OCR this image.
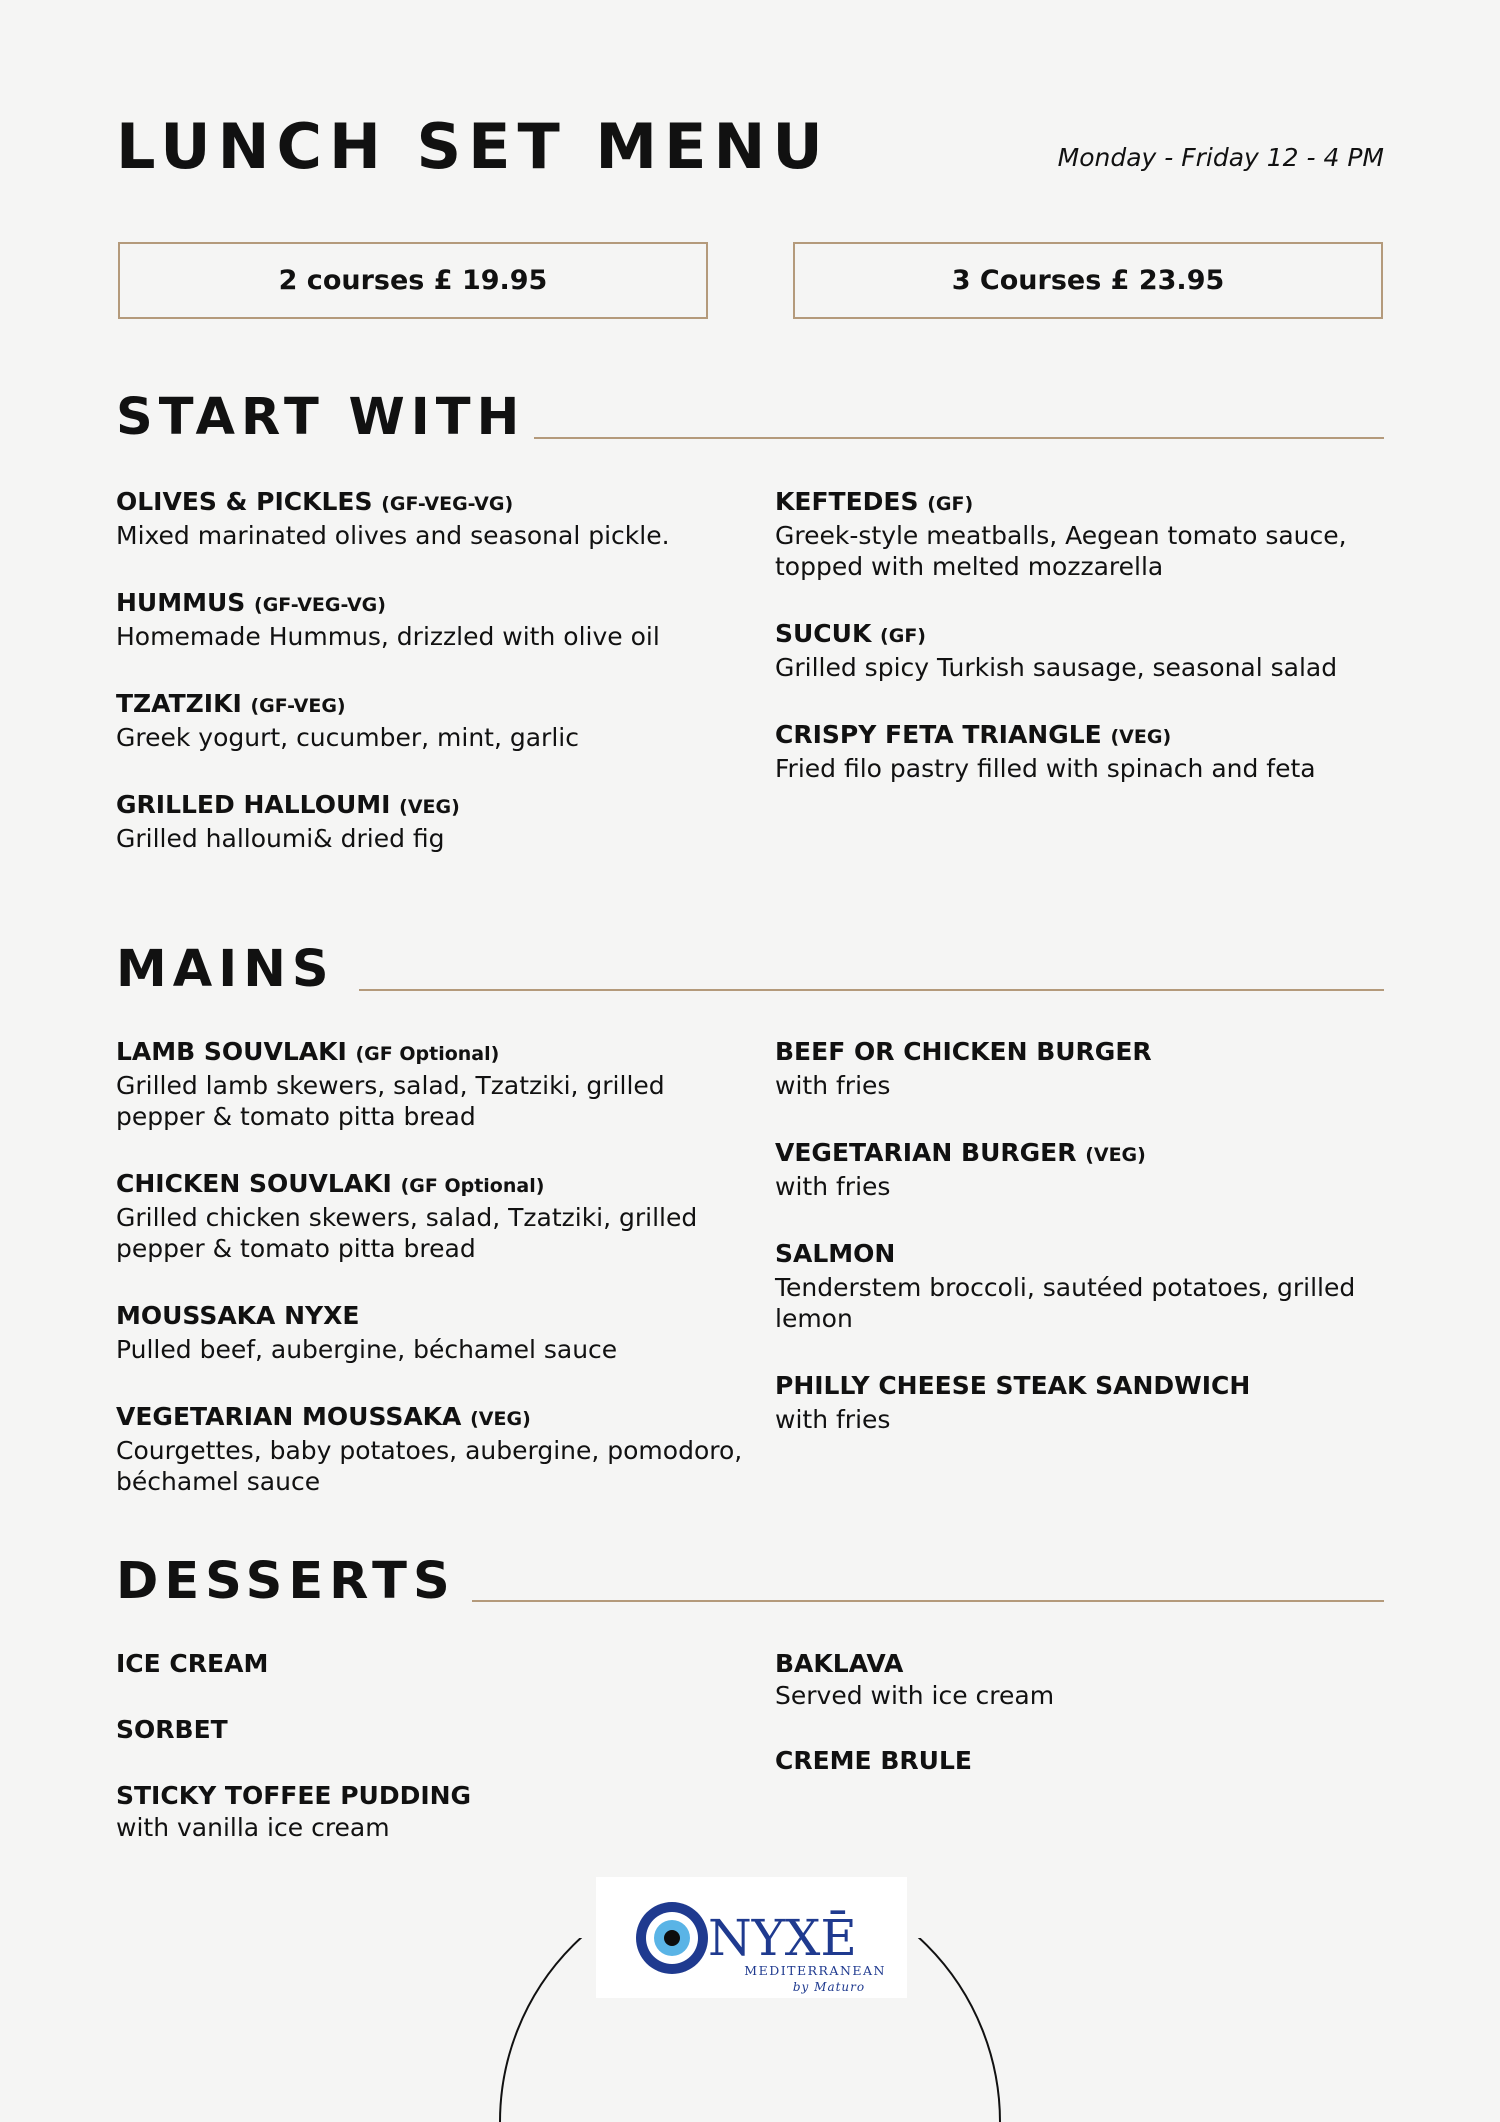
LUNCH SET MENU	Monday - Friday 12 - 4 PM
2 courses £ 19.95	3 Courses £ 23.95
START WITH
OLIVES & PICKLES (GF-VEG-VG)
Mixed marinated olives and seasonal pickle.
HUMMUS (GF-VEG-VG)
Homemade Hummus, drizzled with olive oil
TZATZIKI (GF-VEG)
Greek yogurt, cucumber, mint, garlic
GRILLED HALLOUMI (VEG)
Grilled halloumi& dried fig
KEFTEDES (GF)
Greek-style meatballs, Aegean tomato sauce, topped with melted mozzarella
SUCUK (GF)
Grilled spicy Turkish sausage, seasonal salad
CRISPY FETA TRIANGLE (VEG)
Fried filo pastry filled with spinach and feta
MAINS
LAMB SOUVLAKI (GF Optional)
Grilled lamb skewers, salad, Tzatziki, grilled pepper & tomato pitta bread
CHICKEN SOUVLAKI (GF Optional)
Grilled chicken skewers, salad, Tzatziki, grilled pepper & tomato pitta bread
MOUSSAKA NYXE
Pulled beef, aubergine, béchamel sauce
VEGETARIAN MOUSSAKA (VEG)
Courgettes, baby potatoes, aubergine, pomodoro, béchamel sauce
BEEF OR CHICKEN BURGER
with fries
VEGETARIAN BURGER (VEG)
with fries
SALMON
Tenderstem broccoli, sautéed potatoes, grilled lemon
PHILLY CHEESE STEAK SANDWICH
with fries
DESSERTS
ICE CREAM
SORBET
STICKY TOFFEE PUDDING
with vanilla ice cream
BAKLAVA
Served with ice cream
CREME BRULE
NYXĒ
MEDITERRANEAN
by Maturo
